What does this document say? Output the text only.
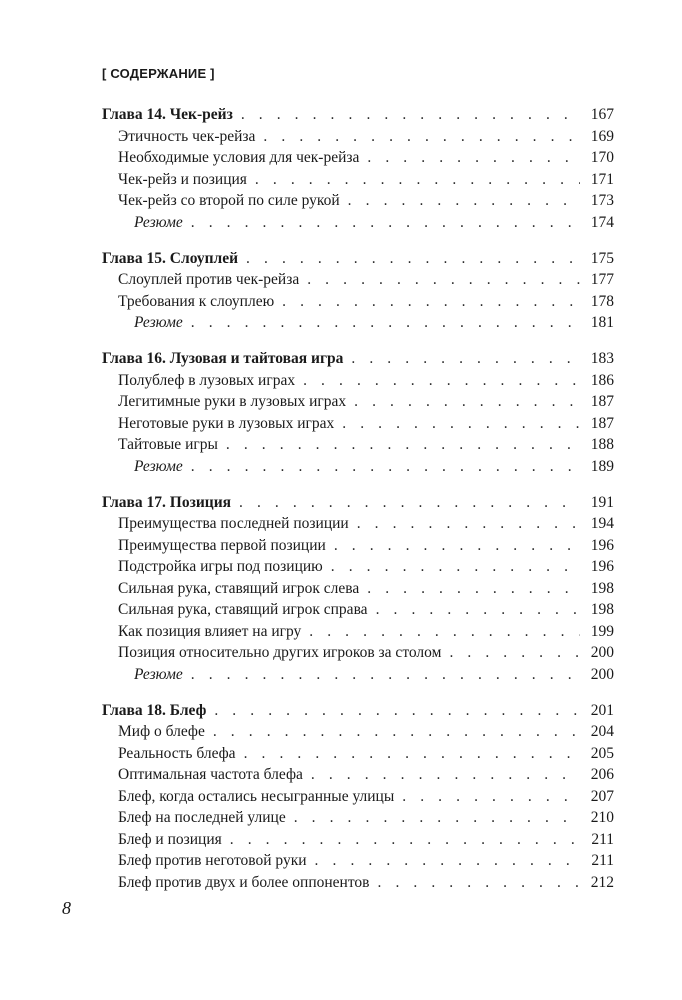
[ СОДЕРЖАНИЕ ]
Глава 14. Чек-рейз . . .	167
Этичность чек-рейза . . .	169
Необходимые условия для чек-рейза . . .	170
Чек-рейз и позиция . . .	171
Чек-рейз со второй по силе рукой . . .	173
Резюме . . .	174
Глава 15. Слоуплей . . .	175
Слоуплей против чек-рейза . . .	177
Требования к слоуплею . . .	178
Резюме . . .	181
Глава 16. Лузовая и тайтовая игра . . .	183
Полублеф в лузовых играх . . .	186
Легитимные руки в лузовых играх . . .	187
Неготовые руки в лузовых играх . . .	187
Тайтовые игры . . .	188
Резюме . . .	189
Глава 17. Позиция . . .	191
Преимущества последней позиции . . .	194
Преимущества первой позиции . . .	196
Подстройка игры под позицию . . .	196
Сильная рука, ставящий игрок слева . . .	198
Сильная рука, ставящий игрок справа . . .	198
Как позиция влияет на игру . . .	199
Позиция относительно других игроков за столом . . .	200
Резюме . . .	200
Глава 18. Блеф . . .	201
Миф о блефе . . .	204
Реальность блефа . . .	205
Оптимальная частота блефа . . .	206
Блеф, когда остались несыгранные улицы . . .	207
Блеф на последней улице . . .	210
Блеф и позиция . . .	211
Блеф против неготовой руки . . .	211
Блеф против двух и более оппонентов . . .	212
8
